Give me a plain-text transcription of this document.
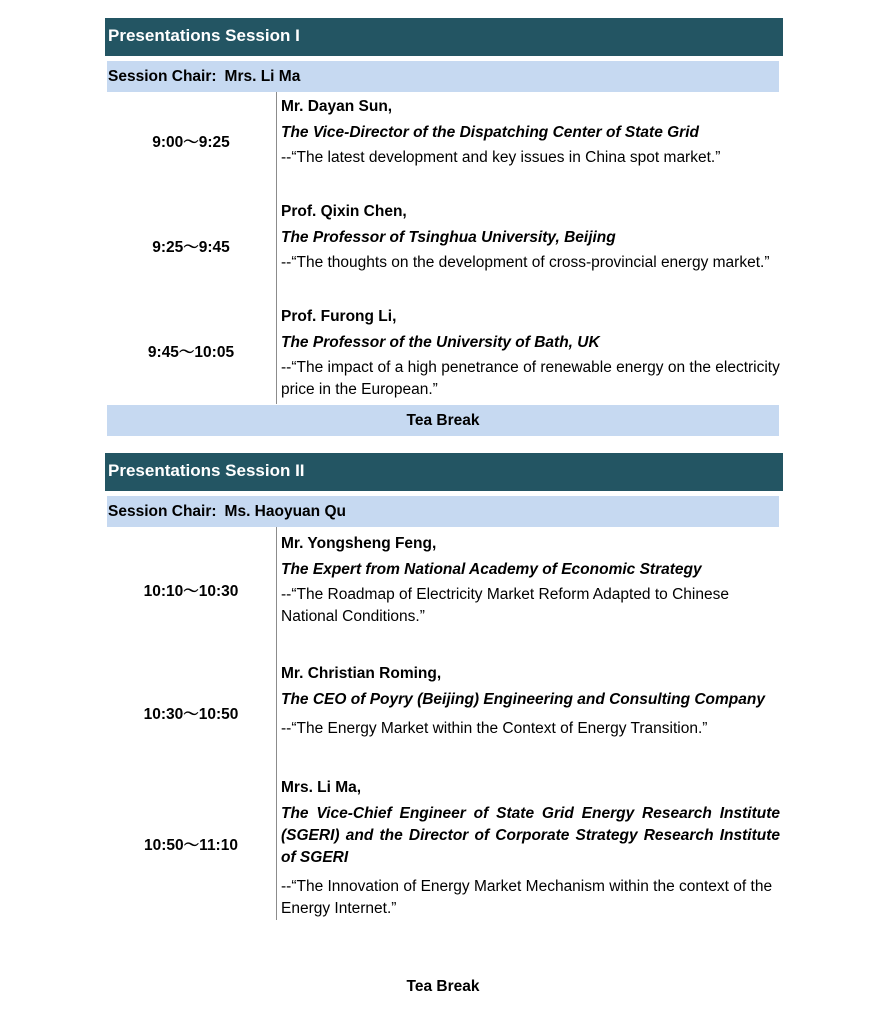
Presentations Session I
Session Chair: Mrs. Li Ma
9:00～9:25

Mr. Dayan Sun,

The Vice-Director of the Dispatching Center of State Grid

--“The latest development and key issues in China spot market.”

9:25～9:45

Prof. Qixin Chen,

The Professor of Tsinghua University, Beijing

--“The thoughts on the development of cross-provincial energy market.”

9:45～10:05

Prof. Furong Li,

The Professor of the University of Bath, UK

--“The impact of a high penetrance of renewable energy on the electricity price in the European.”

Tea Break
Presentations Session II
Session Chair: Ms. Haoyuan Qu
10:10～10:30

Mr. Yongsheng Feng,

The Expert from National Academy of Economic Strategy

--“The Roadmap of Electricity Market Reform Adapted to Chinese National Conditions.”

10:30～10:50

Mr. Christian Roming,

The CEO of Poyry (Beijing) Engineering and Consulting Company

--“The Energy Market within the Context of Energy Transition.”

10:50～11:10

Mrs. Li Ma,

The Vice-Chief Engineer of State Grid Energy Research Institute (SGERI) and the Director of Corporate Strategy Research Institute of SGERI

--“The Innovation of Energy Market Mechanism within the context of the Energy Internet.”

Tea Break
